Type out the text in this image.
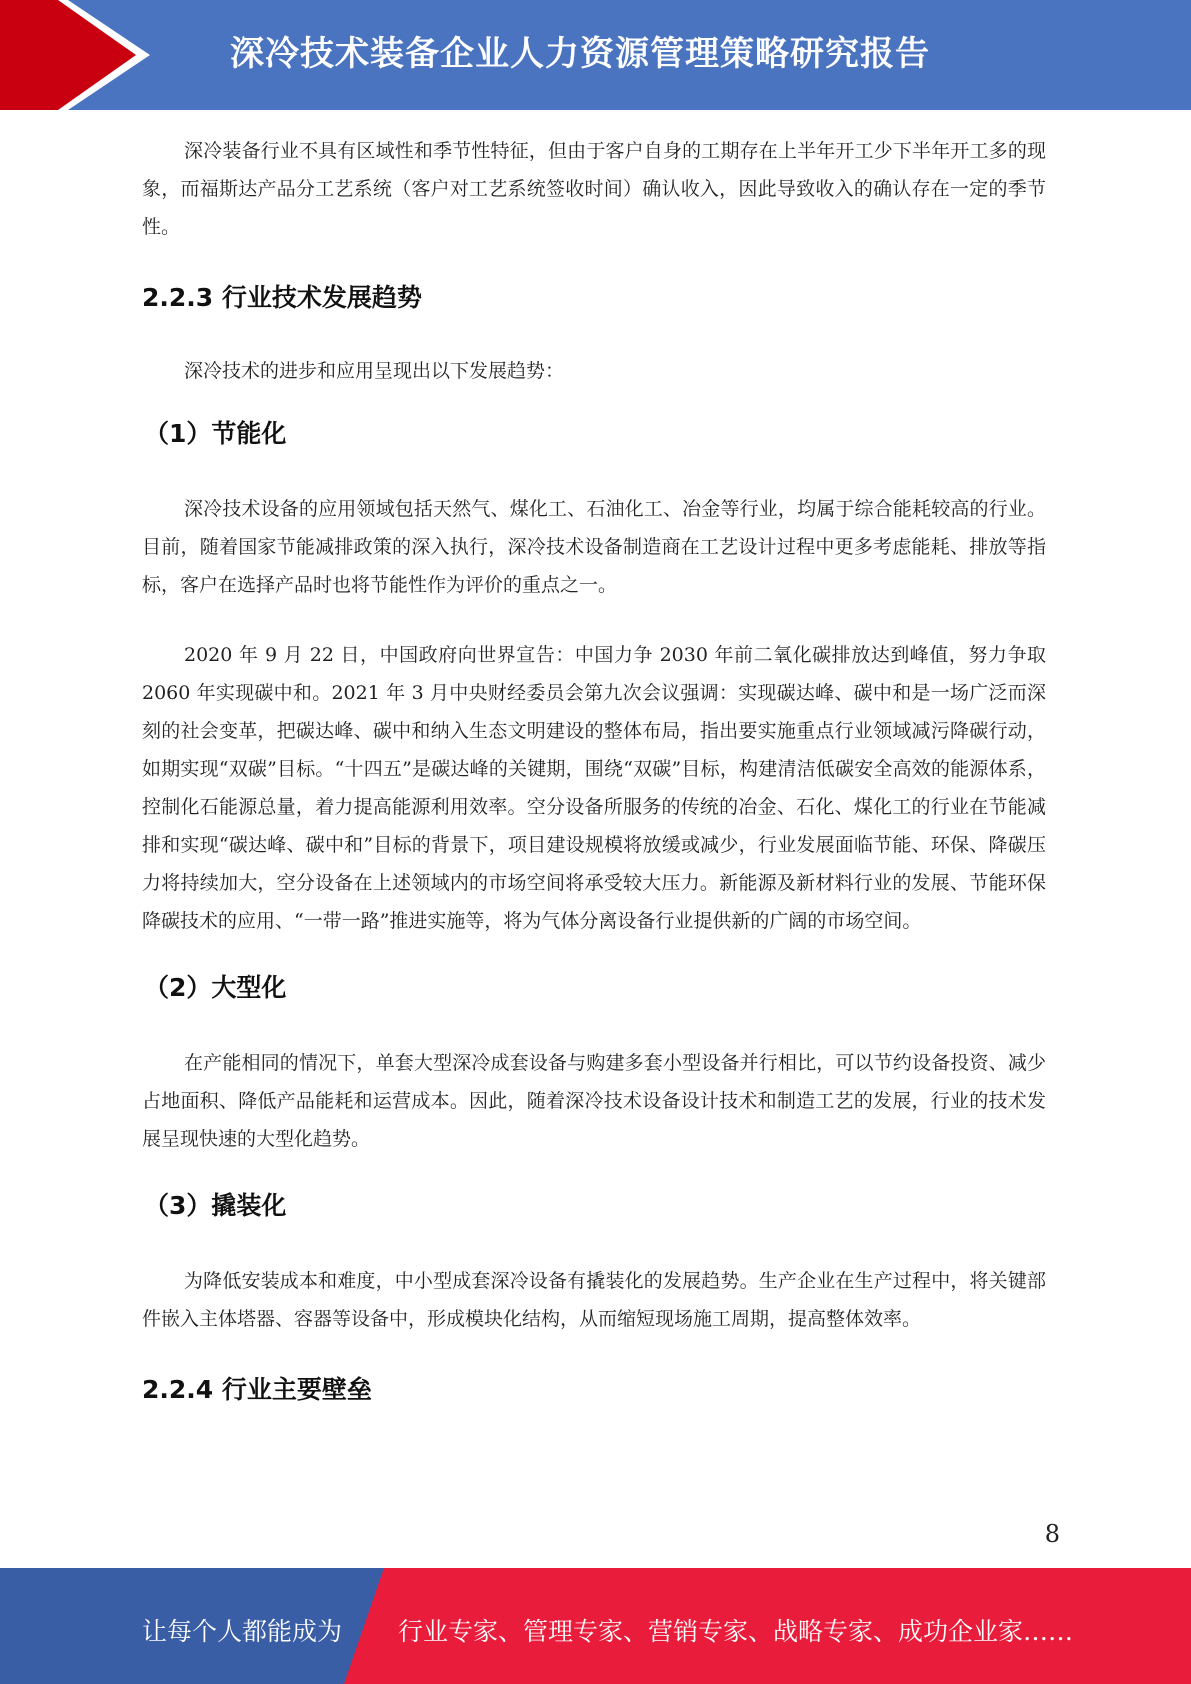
深冷技术装备企业人力资源管理策略研究报告

深冷装备行业不具有区域性和季节性特征，但由于客户自身的工期存在上半年开工少下半年开工多的现象，而福斯达产品分工艺系统（客户对工艺系统签收时间）确认收入，因此导致收入的确认存在一定的季节性。

2.2.3 行业技术发展趋势

深冷技术的进步和应用呈现出以下发展趋势：

（1）节能化

深冷技术设备的应用领域包括天然气、煤化工、石油化工、冶金等行业，均属于综合能耗较高的行业。目前，随着国家节能减排政策的深入执行，深冷技术设备制造商在工艺设计过程中更多考虑能耗、排放等指标，客户在选择产品时也将节能性作为评价的重点之一。

2020 年 9 月 22 日，中国政府向世界宣告：中国力争 2030 年前二氧化碳排放达到峰值，努力争取 2060 年实现碳中和。2021 年 3 月中央财经委员会第九次会议强调：实现碳达峰、碳中和是一场广泛而深刻的社会变革，把碳达峰、碳中和纳入生态文明建设的整体布局，指出要实施重点行业领域减污降碳行动，如期实现“双碳”目标。“十四五”是碳达峰的关键期，围绕“双碳”目标，构建清洁低碳安全高效的能源体系，控制化石能源总量，着力提高能源利用效率。空分设备所服务的传统的冶金、石化、煤化工的行业在节能减排和实现“碳达峰、碳中和”目标的背景下，项目建设规模将放缓或减少，行业发展面临节能、环保、降碳压力将持续加大，空分设备在上述领域内的市场空间将承受较大压力。新能源及新材料行业的发展、节能环保降碳技术的应用、“一带一路”推进实施等，将为气体分离设备行业提供新的广阔的市场空间。

（2）大型化

在产能相同的情况下，单套大型深冷成套设备与购建多套小型设备并行相比，可以节约设备投资、减少占地面积、降低产品能耗和运营成本。因此，随着深冷技术设备设计技术和制造工艺的发展，行业的技术发展呈现快速的大型化趋势。

（3）撬装化

为降低安装成本和难度，中小型成套深冷设备有撬装化的发展趋势。生产企业在生产过程中，将关键部件嵌入主体塔器、容器等设备中，形成模块化结构，从而缩短现场施工周期，提高整体效率。

2.2.4 行业主要壁垒
8
让每个人都能成为 行业专家、管理专家、营销专家、战略专家、成功企业家……
